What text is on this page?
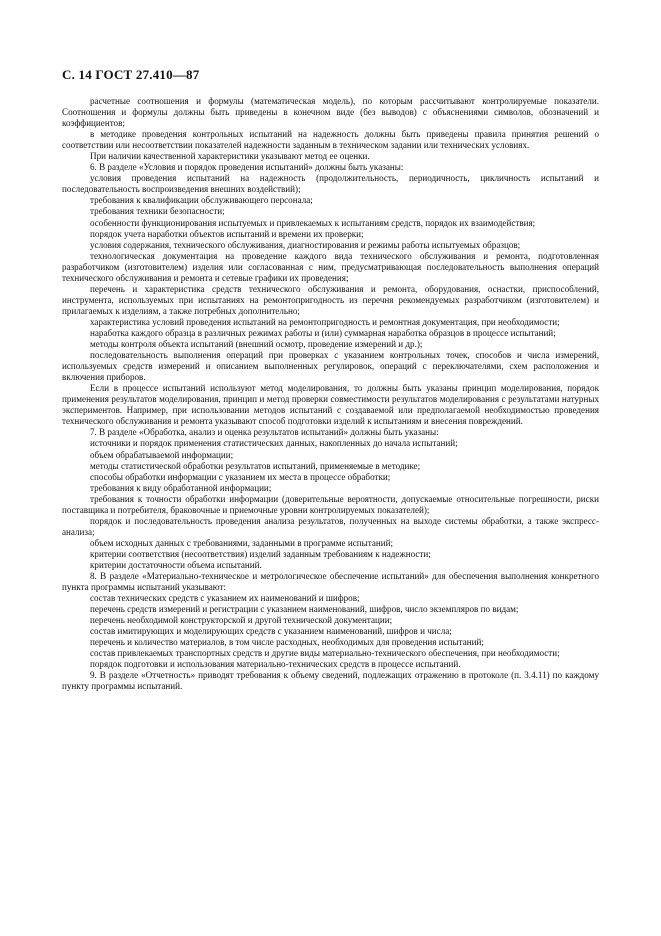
С. 14 ГОСТ 27.410—87

расчетные соотношения и формулы (математическая модель), по которым рассчитывают контролируемые показатели. Соотношения и формулы должны быть приведены в конечном виде (без выводов) с объяснениями символов, обозначений и коэффициентов;

в методике проведения контрольных испытаний на надежность должны быть приведены правила принятия решений о соответствии или несоответствии показателей надежности заданным в техническом задании или технических условиях.

При наличии качественной характеристики указывают метод ее оценки.

6. В разделе «Условия и порядок проведения испытаний» должны быть указаны:

условия проведения испытаний на надежность (продолжительность, периодичность, цикличность испытаний и последовательность воспроизведения внешних воздействий);

требования к квалификации обслуживающего персонала;

требования техники безопасности;

особенности функционирования испытуемых и привлекаемых к испытаниям средств, порядок их взаимодействия;

порядок учета наработки объектов испытаний и времени их проверки;

условия содержания, технического обслуживания, диагностирования и режимы работы испытуемых образцов;

технологическая документация на проведение каждого вида технического обслуживания и ремонта, подготовленная разработчиком (изготовителем) изделия или согласованная с ним, предусматривающая последовательность выполнения операций технического обслуживания и ремонта и сетевые графики их проведения;

перечень и характеристика средств технического обслуживания и ремонта, оборудования, оснастки, приспособлений, инструмента, используемых при испытаниях на ремонтопригодность из перечня рекомендуемых разработчиком (изготовителем) и прилагаемых к изделиям, а также потребных дополнительно;

характеристика условий проведения испытаний на ремонтопригодность и ремонтная документация, при необходимости;

наработка каждого образца в различных режимах работы и (или) суммарная наработка образцов в процессе испытаний;

методы контроля объекта испытаний (внешний осмотр, проведение измерений и др.);

последовательность выполнения операций при проверках с указанием контрольных точек, способов и числа измерений, используемых средств измерений и описанием выполненных регулировок, операций с переключателями, схем расположения и включения приборов.

Если в процессе испытаний используют метод моделирования, то должны быть указаны принцип моделирования, порядок применения результатов моделирования, принцип и метод проверки совместимости результатов моделирования с результатами натурных экспериментов. Например, при использовании методов испытаний с создаваемой или предполагаемой необходимостью проведения технического обслуживания и ремонта указывают способ подготовки изделий к испытаниям и внесения повреждений.

7. В разделе «Обработка, анализ и оценка результатов испытаний» должны быть указаны:

источники и порядок применения статистических данных, накопленных до начала испытаний;

объем обрабатываемой информации;

методы статистической обработки результатов испытаний, применяемые в методике;

способы обработки информации с указанием их места в процессе обработки;

требования к виду обработанной информации;

требования к точности обработки информации (доверительные вероятности, допускаемые относительные погрешности, риски поставщика и потребителя, браковочные и приемочные уровни контролируемых показателей);

порядок и последовательность проведения анализа результатов, полученных на выходе системы обработки, а также экспресс-анализа;

объем исходных данных с требованиями, заданными в программе испытаний;

критерии соответствия (несоответствия) изделий заданным требованиям к надежности;

критерии достаточности объема испытаний.

8. В разделе «Материально-техническое и метрологическое обеспечение испытаний» для обеспечения выполнения конкретного пункта программы испытаний указывают:

состав технических средств с указанием их наименований и шифров;

перечень средств измерений и регистрации с указанием наименований, шифров, число экземпляров по видам;

перечень необходимой конструкторской и другой технической документации;

состав имитирующих и моделирующих средств с указанием наименований, шифров и числа;

перечень и количество материалов, в том числе расходных, необходимых для проведения испытаний;

состав привлекаемых транспортных средств и другие виды материально-технического обеспечения, при необходимости;

порядок подготовки и использования материально-технических средств в процессе испытаний.

9. В разделе «Отчетность» приводят требования к объему сведений, подлежащих отражению в протоколе (п. 3.4.11) по каждому пункту программы испытаний.
